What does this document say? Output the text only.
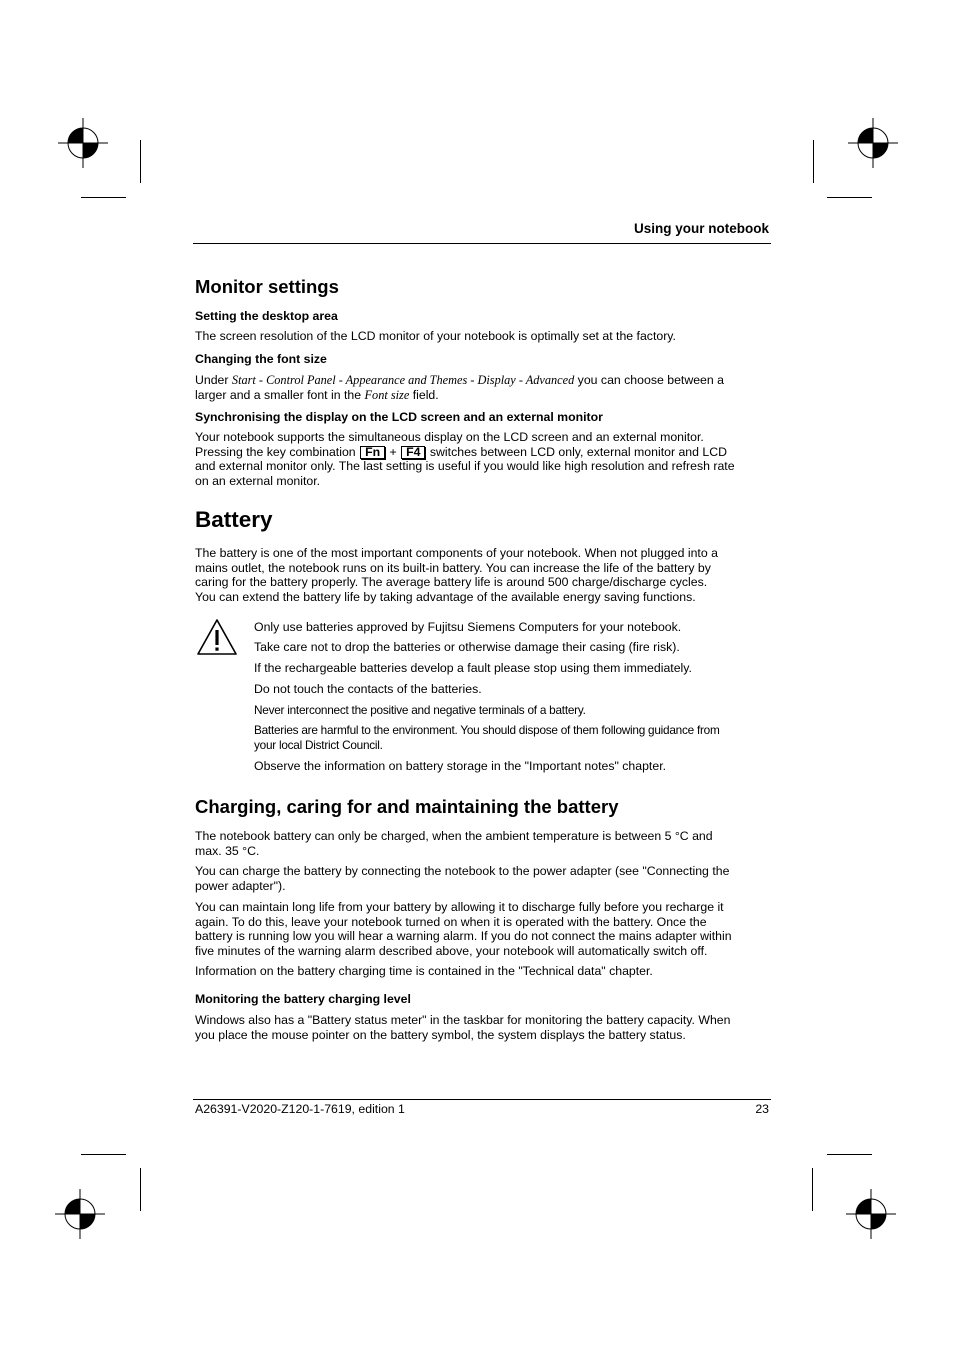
Using your notebook
Monitor settings
Setting the desktop area
The screen resolution of the LCD monitor of your notebook is optimally set at the factory.
Changing the font size
Under Start - Control Panel - Appearance and Themes - Display - Advanced you can choose between a
larger and a smaller font in the Font size field.
Synchronising the display on the LCD screen and an external monitor
Your notebook supports the simultaneous display on the LCD screen and an external monitor.
Pressing the key combination Fn + F4 switches between LCD only, external monitor and LCD
and external monitor only. The last setting is useful if you would like high resolution and refresh rate
on an external monitor.
Battery
The battery is one of the most important components of your notebook. When not plugged into a
mains outlet, the notebook runs on its built-in battery. You can increase the life of the battery by
caring for the battery properly. The average battery life is around 500 charge/discharge cycles.
You can extend the battery life by taking advantage of the available energy saving functions.
Only use batteries approved by Fujitsu Siemens Computers for your notebook.
Take care not to drop the batteries or otherwise damage their casing (fire risk).
If the rechargeable batteries develop a fault please stop using them immediately.
Do not touch the contacts of the batteries.
Never interconnect the positive and negative terminals of a battery.
Batteries are harmful to the environment. You should dispose of them following guidance from
your local District Council.
Observe the information on battery storage in the "Important notes" chapter.
Charging, caring for and maintaining the battery
The notebook battery can only be charged, when the ambient temperature is between 5 °C and
max. 35 °C.
You can charge the battery by connecting the notebook to the power adapter (see "Connecting the
power adapter").
You can maintain long life from your battery by allowing it to discharge fully before you recharge it
again. To do this, leave your notebook turned on when it is operated with the battery. Once the
battery is running low you will hear a warning alarm. If you do not connect the mains adapter within
five minutes of the warning alarm described above, your notebook will automatically switch off.
Information on the battery charging time is contained in the "Technical data" chapter.
Monitoring the battery charging level
Windows also has a "Battery status meter" in the taskbar for monitoring the battery capacity. When
you place the mouse pointer on the battery symbol, the system displays the battery status.
A26391-V2020-Z120-1-7619, edition 1	23
